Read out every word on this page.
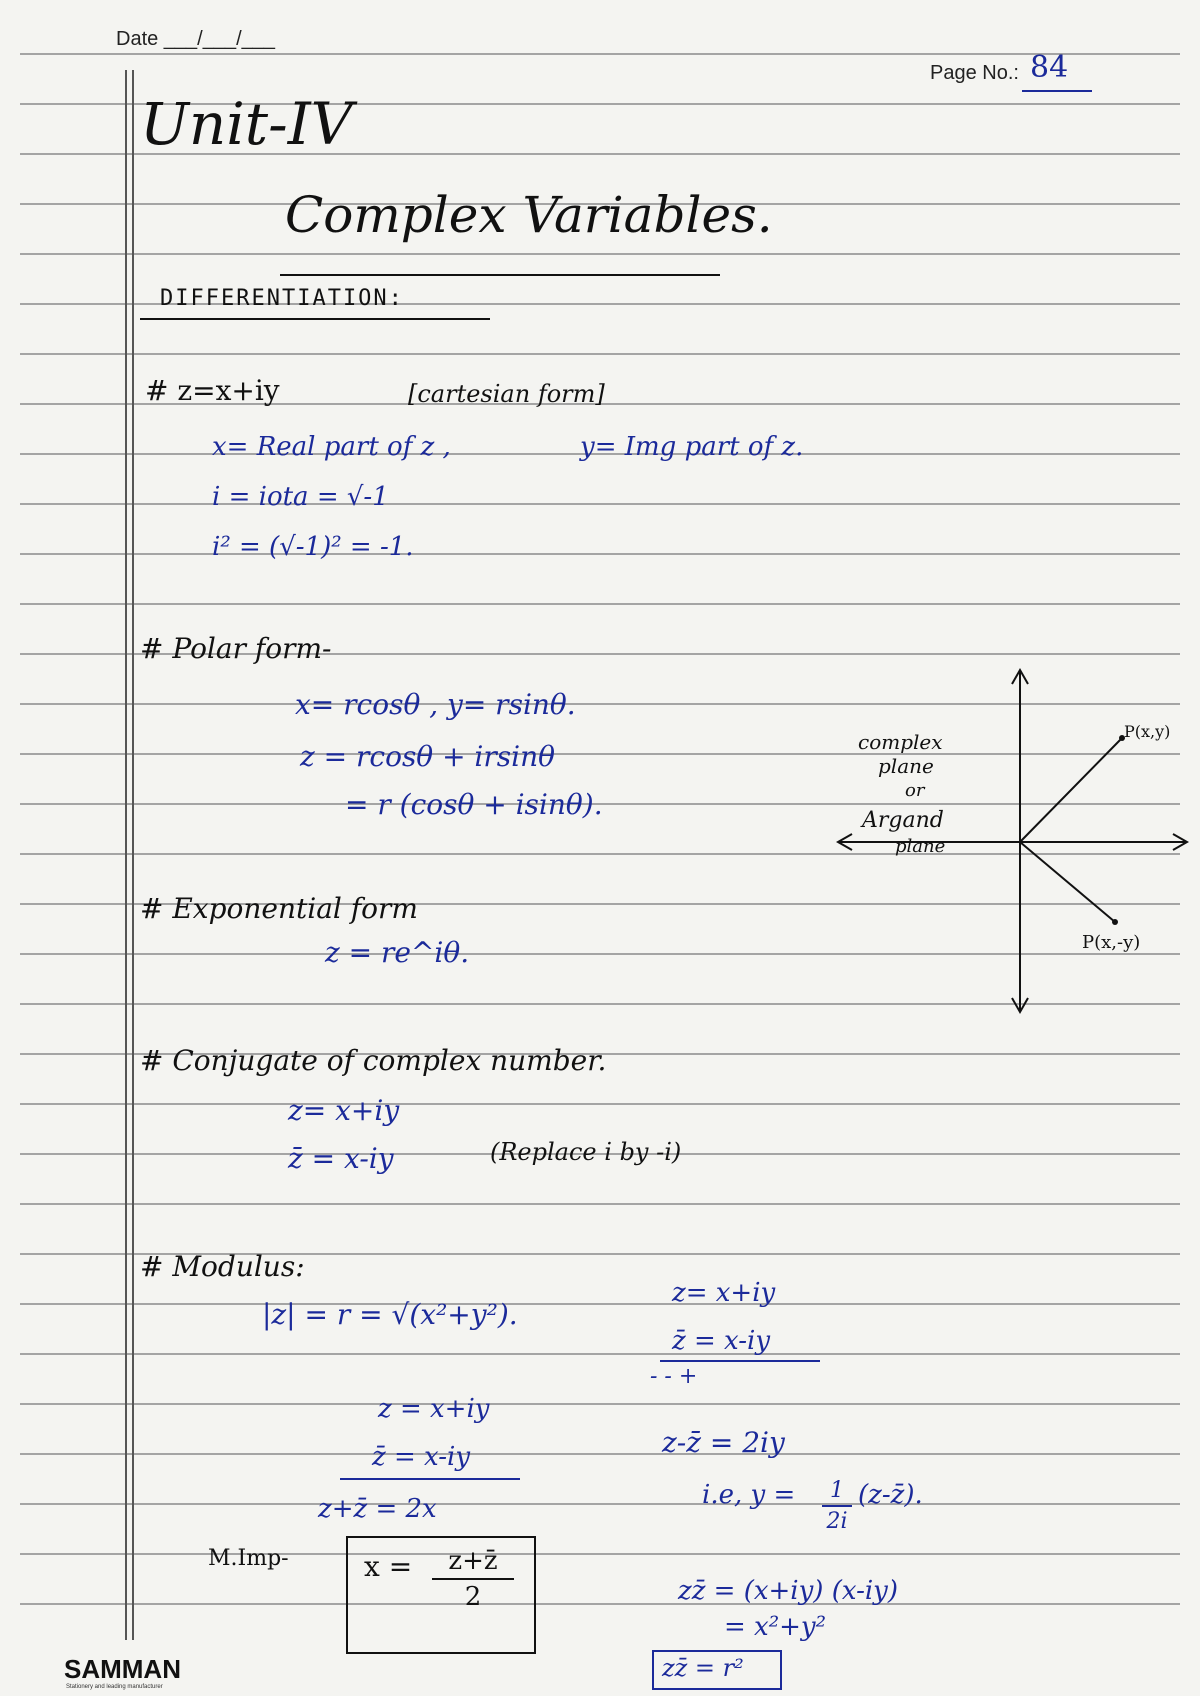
Date ___/___/___
Page No.: 84
Unit-IV
Complex Variables.
DIFFERENTIATION:
# z=x+iy	[cartesian form]
x= Real part of z ,	y= Img part of z.
i = iota = √-1
i² = (√-1)² = -1.
# Polar form-
x= rcosθ , y= rsinθ.
z = rcosθ + irsinθ
= r (cosθ + isinθ).
complex
plane
or
Argand
plane
P(x,y)
P(x,-y)
# Exponential form
z = re^iθ.
# Conjugate of complex number.
z= x+iy
z̄ = x-iy	(Replace i by -i)
# Modulus:
|z| = r = √(x²+y²).
z= x+iy
z̄ = x-iy
- - +
z-z̄ = 2iy
z = x+iy
z̄ = x-iy
z+z̄ = 2x	i.e, y =	1
2i
(z-z̄).
M.Imp-	x =	z+z̄
2	zz̄ = (x+iy) (x-iy)
= x²+y²
zz̄ = r²
SAMMAN
Stationery and leading manufacturer
